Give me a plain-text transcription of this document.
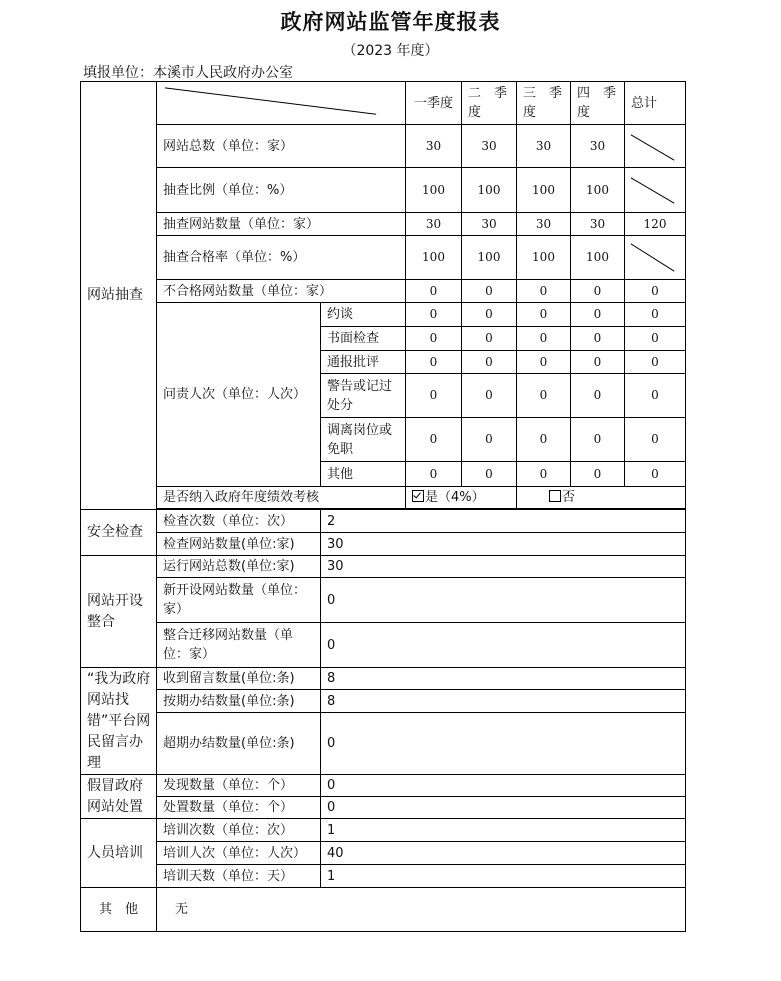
政府网站监管年度报表
（2023 年度）
填报单位：本溪市人民政府办公室
网站抽查			一季度	二　季度	三　季度	四　季度	总计
	网站总数（单位：家）		30	30	30	30	

	抽查比例（单位：%）		100	100	100	100	

	抽查网站数量（单位：家）		30	30	30	30	120
	抽查合格率（单位：%）		100	100	100	100	

	不合格网站数量（单位：家）		0	0	0	0	0
	问责人次（单位：人次）	约谈	0	0	0	0	0
		书面检查	0	0	0	0	0
		通报批评	0	0	0	0	0
		警告或记过处分	0	0	0	0	0
		调离岗位或免职	0	0	0	0	0
		其他	0	0	0	0	0
	是否纳入政府年度绩效考核		是（4%）		否		

安全检查	检查次数（单位：次）	2					
	检查网站数量(单位:家)	30					
网站开设整合	运行网站总数(单位:家)	30					
	新开设网站数量（单位：家）	0					
	整合迁移网站数量（单位：家）	0					
“我为政府网站找错”平台网民留言办理	收到留言数量(单位:条)	8					
	按期办结数量(单位:条)	8					
	超期办结数量(单位:条)	0					
假冒政府网站处置	发现数量（单位：个）	0					
	处置数量（单位：个）	0					
人员培训	培训次数（单位：次）	1					
	培训人次（单位：人次）	40					
	培训天数（单位：天）	1					
其　他	无						
